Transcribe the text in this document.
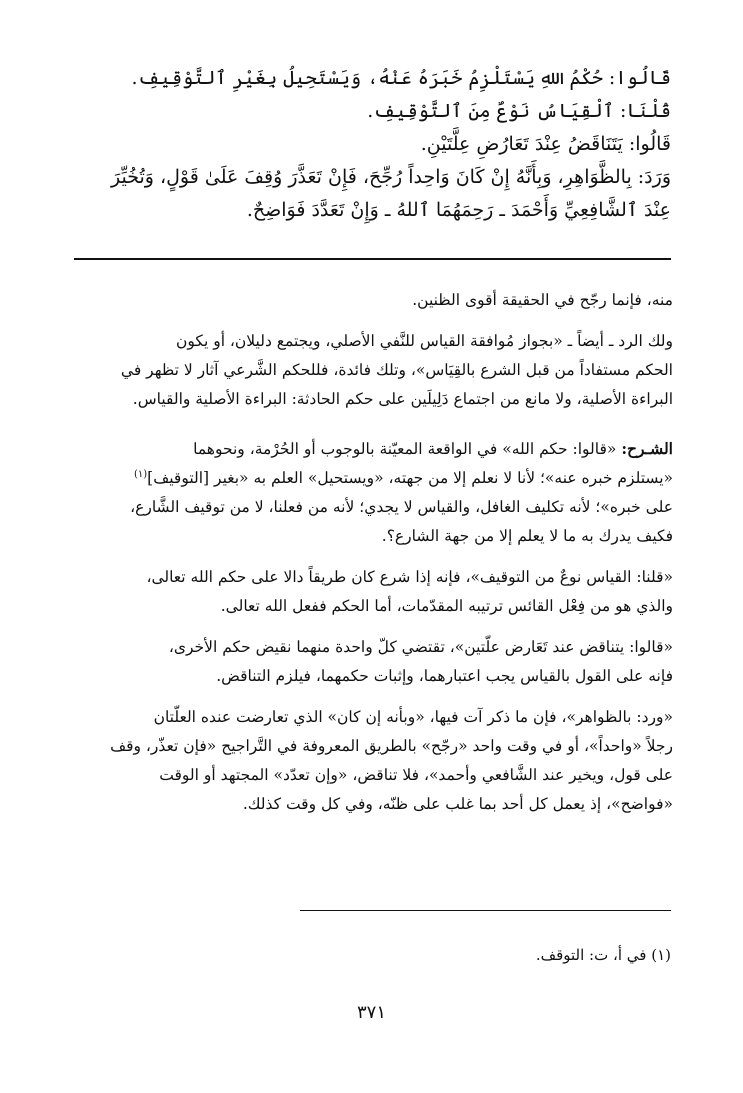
قَالُوا: حُكْمُ اللهِ يَسْتَلْزِمُ خَبَرَهُ عَنْهُ، وَيَسْتَحِيلُ بِغَيْرِ ٱلتَّوْقِيفِ.
قُلْنَا: ٱلْقِيَاسُ نَوْعٌ مِنَ ٱلتَّوْقِيفِ.
قَالُوا: يَتَنَاقَضُ عِنْدَ تَعَارُضِ عِلَّتَيْنِ.
وَرَدَ: بِالظَّوَاهِرِ، وَبِأَنَّهُ إِنْ كَانَ وَاحِداً رُجِّحَ، فَإِنْ تَعَذَّرَ وُقِفَ عَلَىٰ قَوْلٍ، وَتُخُيِّرَ
عِنْدَ ٱلشَّافِعِيِّ وَأَحْمَدَ ـ رَحِمَهُمَا ٱللهُ ـ وَإِنْ تَعَدَّدَ فَوَاضِحٌ.

منه، فإنما رجّح في الحقيقة أقوى الظنين.

ولك الرد ـ أيضاً ـ «بجواز مُوافقة القياس للنَّفي الأصلي، ويجتمع دليلان، أو يكون
الحكم مستفاداً من قبل الشرع بالقِيَاس»، وتلك فائدة، فللحكم الشَّرعي آثار لا تظهر في
البراءة الأصلية، ولا مانع من اجتماع دَلِيلَين على حكم الحادثة: البراءة الأصلية والقياس.

الشـرح: «قالوا: حكم الله» في الواقعة المعيّنة بالوجوب أو الحُرْمة، ونحوهما
«يستلزم خبره عنه»؛ لأنا لا نعلم إلا من جهته، «ويستحيل» العلم به «بغير [التوقيف]$^{(١)}$
على خبره»؛ لأنه تكليف الغافل، والقياس لا يجدي؛ لأنه من فعلنا، لا من توقيف الشَّارع،
فكيف يدرك به ما لا يعلم إلا من جهة الشارع؟.

«قلنا: القياس نوعٌ من التوقيف»، فإنه إذا شرع كان طريقاً دالا على حكم الله تعالى،
والذي هو من فِعْل القائس ترتيبه المقدّمات، أما الحكم ففعل الله تعالى.

«قالوا: يتناقض عند تَعَارض علّتين»، تقتضي كلّ واحدة منهما نقيض حكم الأخرى،
فإنه على القول بالقياس يجب اعتبارهما، وإثبات حكمهما، فيلزم التناقض.

«ورد: بالظواهر»، فإن ما ذكر آت فيها، «وبأنه إن كان» الذي تعارضت عنده العلّتان
رجلاً «واحداً»، أو في وقت واحد «رجّح» بالطريق المعروفة في التَّراجيح «فإن تعذّر، وقف
على قول، ويخير عند الشَّافعي وأحمد»، فلا تناقض، «وإن تعدّد» المجتهد أو الوقت
«فواضح»، إذ يعمل كل أحد بما غلب على ظنّه، وفي كل وقت كذلك.

(١) في أ، ت: التوقف.
٣٧١
